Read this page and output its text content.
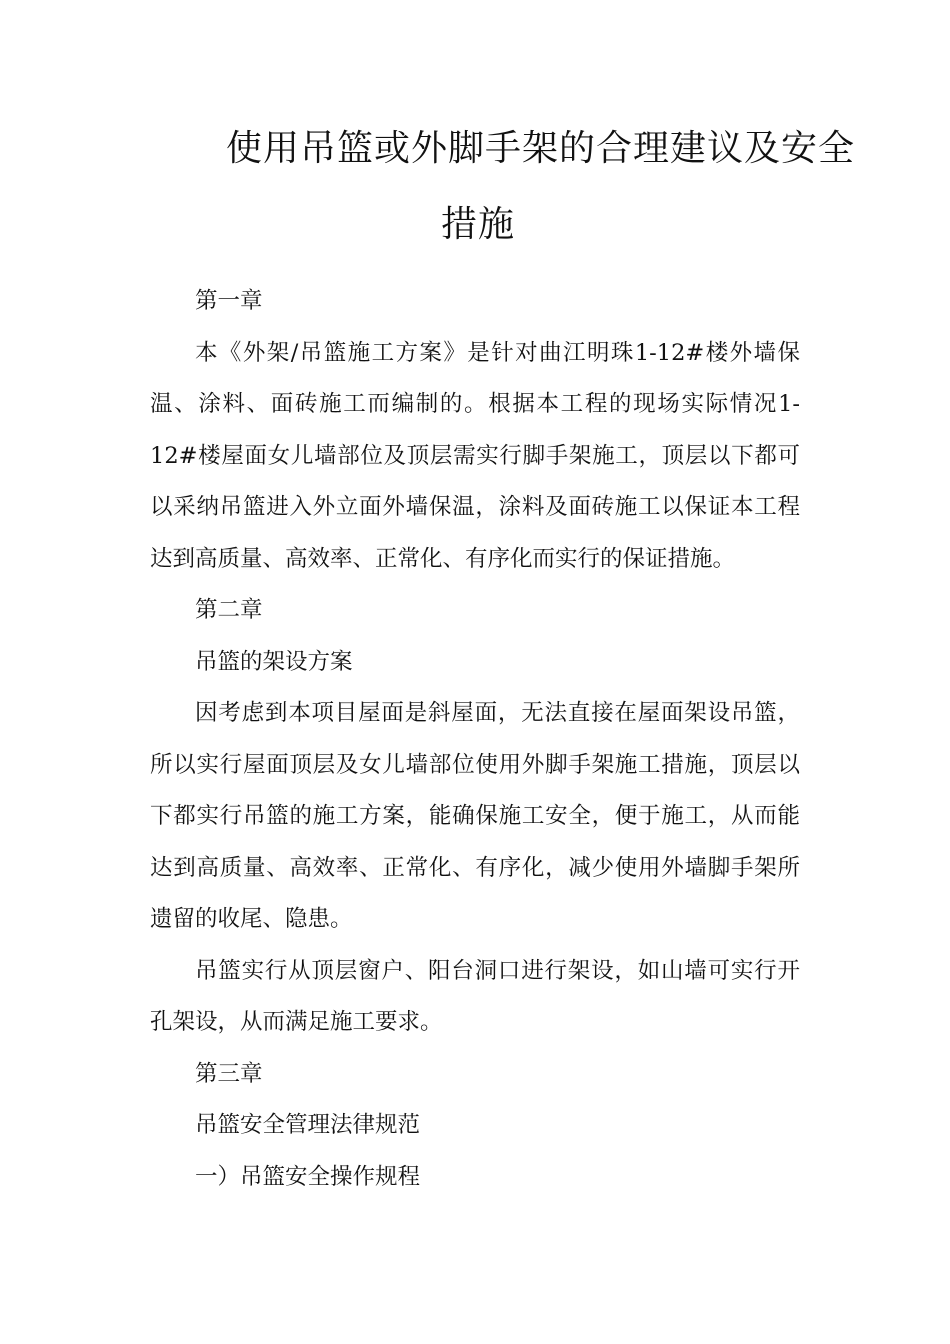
使用吊篮或外脚手架的合理建议及安全
措施

第一章

本《外架/吊篮施工方案》是针对曲江明珠1-12#楼外墙保温、涂料、面砖施工而编制的。根据本工程的现场实际情况1-12#楼屋面女儿墙部位及顶层需实行脚手架施工，顶层以下都可以采纳吊篮进入外立面外墙保温，涂料及面砖施工以保证本工程达到高质量、高效率、正常化、有序化而实行的保证措施。

第二章

吊篮的架设方案

因考虑到本项目屋面是斜屋面，无法直接在屋面架设吊篮，所以实行屋面顶层及女儿墙部位使用外脚手架施工措施，顶层以下都实行吊篮的施工方案，能确保施工安全，便于施工，从而能达到高质量、高效率、正常化、有序化，减少使用外墙脚手架所遗留的收尾、隐患。

吊篮实行从顶层窗户、阳台洞口进行架设，如山墙可实行开孔架设，从而满足施工要求。

第三章

吊篮安全管理法律规范

一）吊篮安全操作规程
